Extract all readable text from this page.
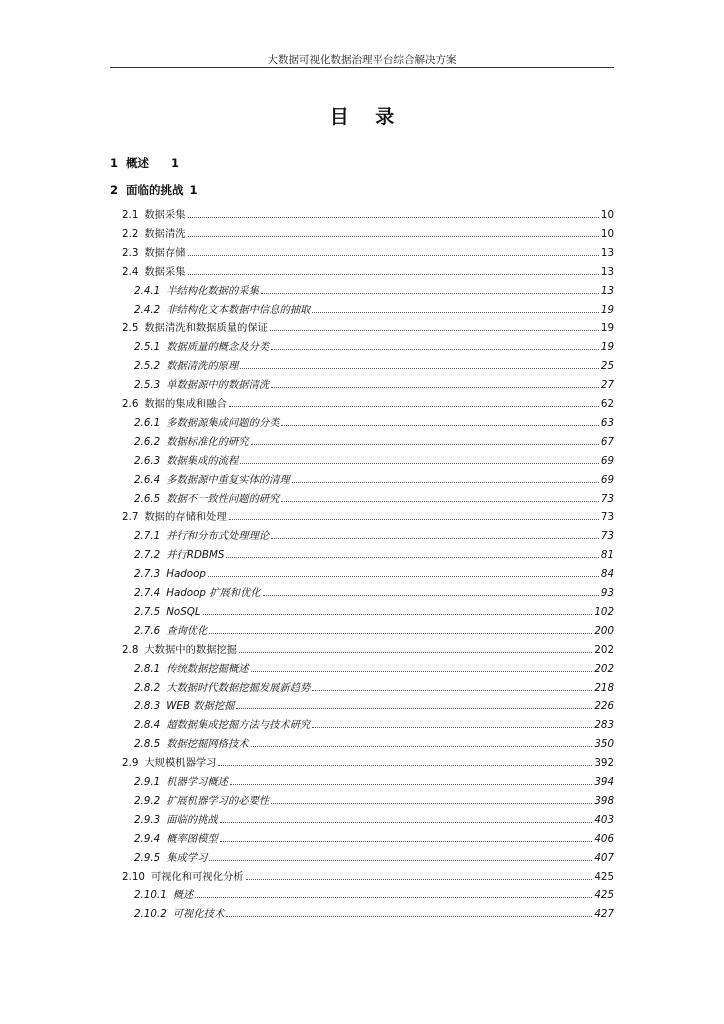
大数据可视化数据治理平台综合解决方案
目 录
1 概述 1
2 面临的挑战 1
2.1 数据采集	10
2.2 数据清洗	10
2.3 数据存储	13
2.4 数据采集	13
2.4.1 半结构化数据的采集	13
2.4.2 非结构化文本数据中信息的抽取	19
2.5 数据清洗和数据质量的保证	19
2.5.1 数据质量的概念及分类	19
2.5.2 数据清洗的原理	25
2.5.3 单数据源中的数据清洗	27
2.6 数据的集成和融合	62
2.6.1 多数据源集成问题的分类	63
2.6.2 数据标准化的研究	67
2.6.3 数据集成的流程	69
2.6.4 多数据源中重复实体的清理	69
2.6.5 数据不一致性问题的研究	73
2.7 数据的存储和处理	73
2.7.1 并行和分布式处理理论	73
2.7.2 并行RDBMS	81
2.7.3 Hadoop	84
2.7.4 Hadoop 扩展和优化	93
2.7.5 NoSQL	102
2.7.6 查询优化	200
2.8 大数据中的数据挖掘	202
2.8.1 传统数据挖掘概述	202
2.8.2 大数据时代数据挖掘发展新趋势	218
2.8.3 WEB 数据挖掘	226
2.8.4 超数据集成挖掘方法与技术研究	283
2.8.5 数据挖掘网格技术	350
2.9 大规模机器学习	392
2.9.1 机器学习概述	394
2.9.2 扩展机器学习的必要性	398
2.9.3 面临的挑战	403
2.9.4 概率图模型	406
2.9.5 集成学习	407
2.10 可视化和可视化分析	425
2.10.1 概述	425
2.10.2 可视化技术	427
